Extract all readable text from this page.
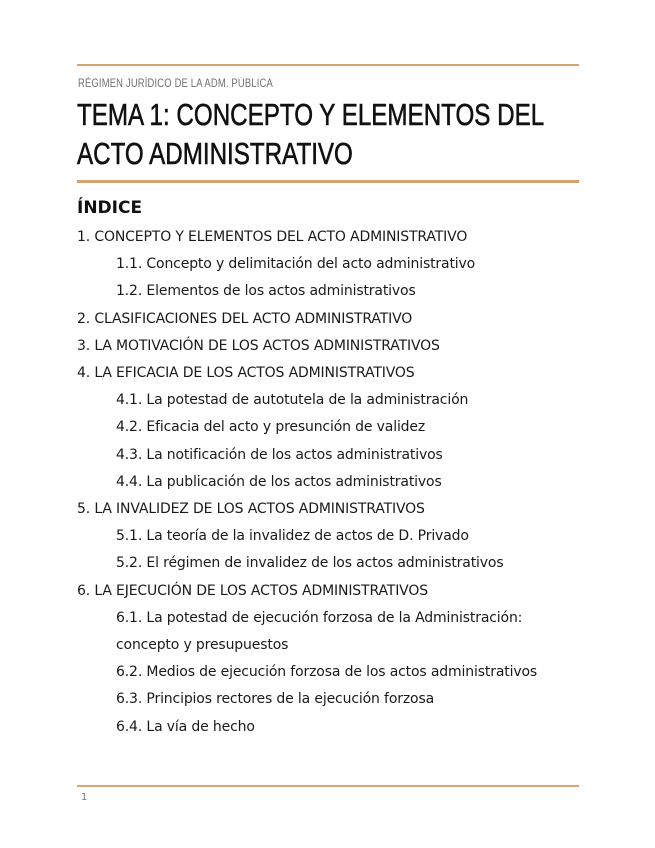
RÉGIMEN JURÍDICO DE LA ADM. PÚBLICA
TEMA 1: CONCEPTO Y ELEMENTOS DEL ACTO ADMINISTRATIVO
ÍNDICE
1. CONCEPTO Y ELEMENTOS DEL ACTO ADMINISTRATIVO
1.1. Concepto y delimitación del acto administrativo
1.2. Elementos de los actos administrativos
2. CLASIFICACIONES DEL ACTO ADMINISTRATIVO
3. LA MOTIVACIÓN DE LOS ACTOS ADMINISTRATIVOS
4. LA EFICACIA DE LOS ACTOS ADMINISTRATIVOS
4.1. La potestad de autotutela de la administración
4.2. Eficacia del acto y presunción de validez
4.3. La notificación de los actos administrativos
4.4. La publicación de los actos administrativos
5. LA INVALIDEZ DE LOS ACTOS ADMINISTRATIVOS
5.1. La teoría de la invalidez de actos de D. Privado
5.2. El régimen de invalidez de los actos administrativos
6. LA EJECUCIÓN DE LOS ACTOS ADMINISTRATIVOS
6.1. La potestad de ejecución forzosa de la Administración: concepto y presupuestos
6.2. Medios de ejecución forzosa de los actos administrativos
6.3. Principios rectores de la ejecución forzosa
6.4. La vía de hecho
1
